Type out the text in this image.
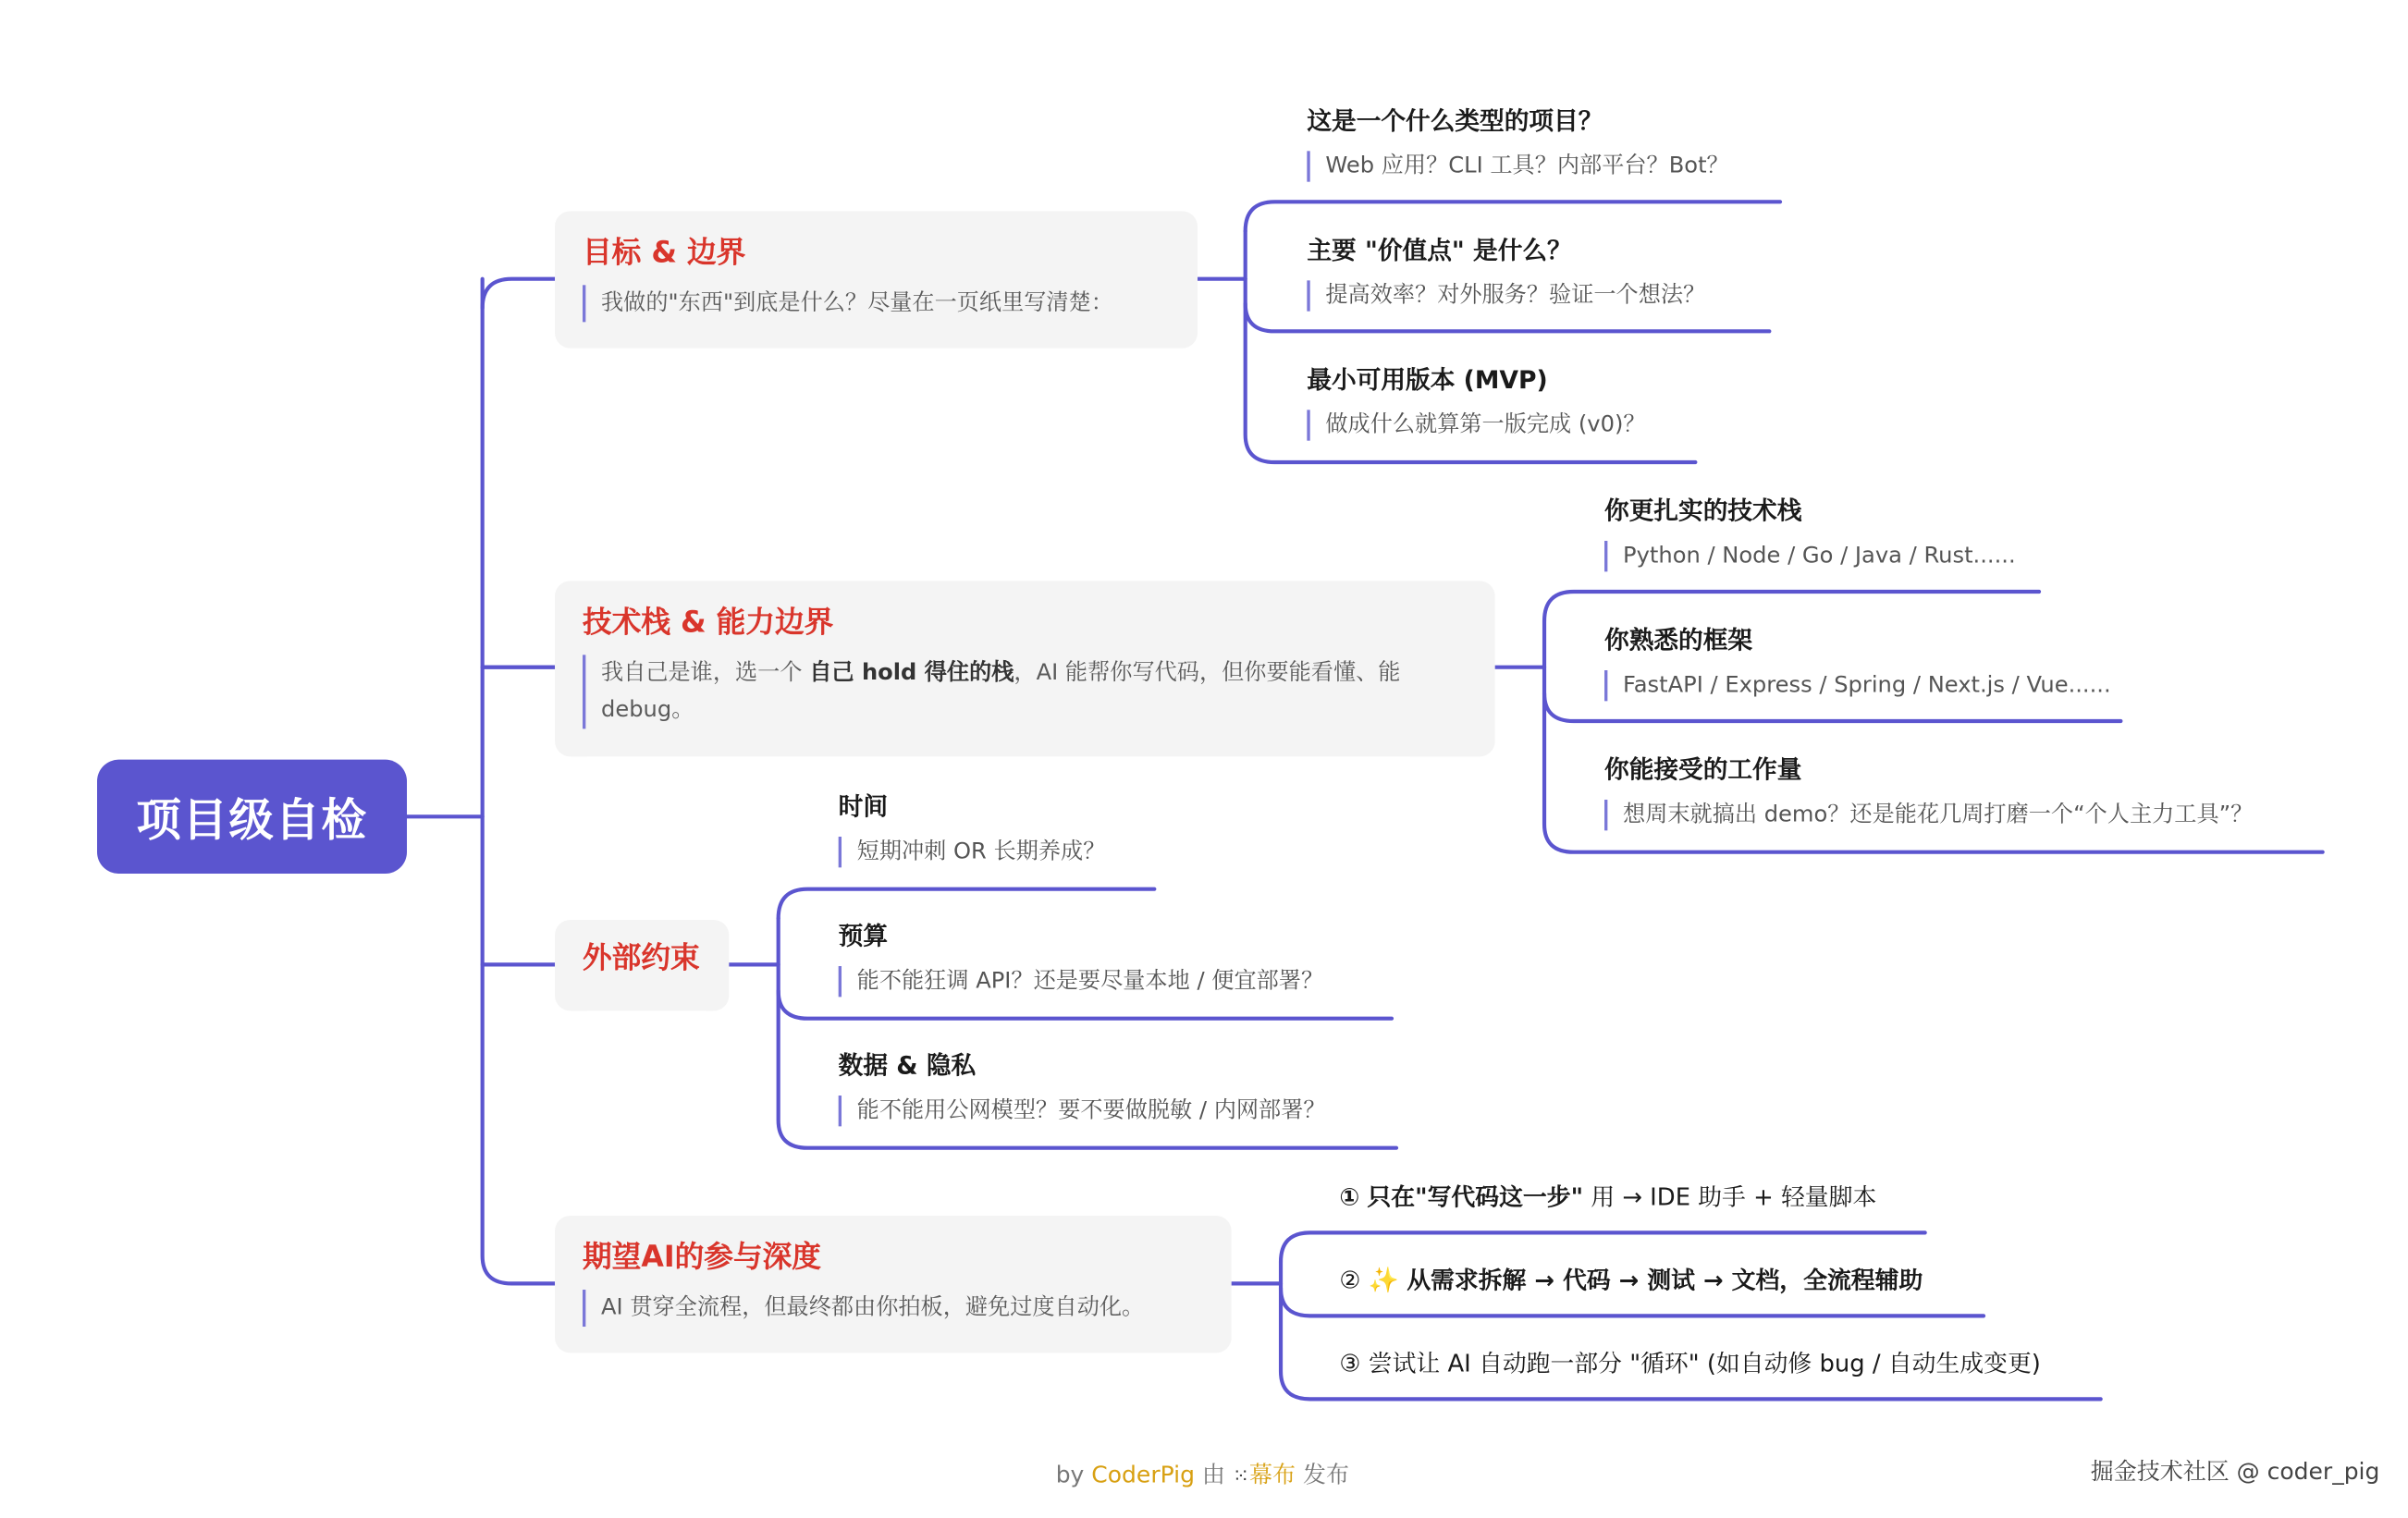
项目级自检
目标 & 边界
我做的"东西"到底是什么？尽量在一页纸里写清楚：
这是一个什么类型的项目？
Web 应用？CLI 工具？内部平台？Bot？
主要 "价值点" 是什么？
提高效率？对外服务？验证一个想法？
最小可用版本 (MVP)
做成什么就算第一版完成 (v0)？
技术栈 & 能力边界
我自己是谁，选一个 自己 hold 得住的栈，AI 能帮你写代码，但你要能看懂、能 debug。
你更扎实的技术栈
Python / Node / Go / Java / Rust......
你熟悉的框架
FastAPI / Express / Spring / Next.js / Vue......
你能接受的工作量
想周末就搞出 demo？还是能花几周打磨一个“个人主力工具”？
外部约束
时间
短期冲刺 OR 长期养成？
预算
能不能狂调 API？还是要尽量本地 / 便宜部署？
数据 & 隐私
能不能用公网模型？要不要做脱敏 / 内网部署？
期望AI的参与深度
AI 贯穿全流程，但最终都由你拍板，避免过度自动化。
① 只在"写代码这一步" 用 → IDE 助手 + 轻量脚本
② ✨ 从需求拆解 → 代码 → 测试 → 文档，全流程辅助
③ 尝试让 AI 自动跑一部分 "循环" (如自动修 bug / 自动生成变更)
by CoderPig 由 ⁙幕布 发布	掘金技术社区 @ coder_pig
